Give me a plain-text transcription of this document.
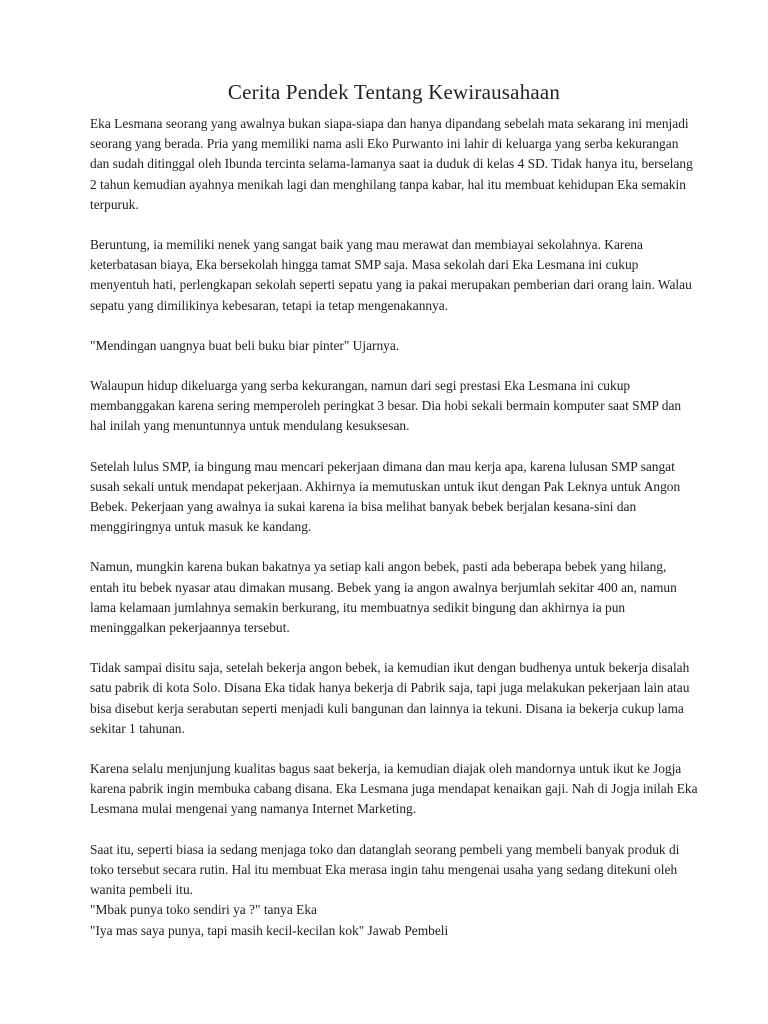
Cerita Pendek Tentang Kewirausahaan

Eka Lesmana seorang yang awalnya bukan siapa-siapa dan hanya dipandang sebelah mata sekarang ini menjadi seorang yang berada. Pria yang memiliki nama asli Eko Purwanto ini lahir di keluarga yang serba kekurangan dan sudah ditinggal oleh Ibunda tercinta selama-lamanya saat ia duduk di kelas 4 SD. Tidak hanya itu, berselang 2 tahun kemudian ayahnya menikah lagi dan menghilang tanpa kabar, hal itu membuat kehidupan Eka semakin terpuruk.

Beruntung, ia memiliki nenek yang sangat baik yang mau merawat dan membiayai sekolahnya. Karena keterbatasan biaya, Eka bersekolah hingga tamat SMP saja. Masa sekolah dari Eka Lesmana ini cukup menyentuh hati, perlengkapan sekolah seperti sepatu yang ia pakai merupakan pemberian dari orang lain. Walau sepatu yang dimilikinya kebesaran, tetapi ia tetap mengenakannya.

"Mendingan uangnya buat beli buku biar pinter" Ujarnya.

Walaupun hidup dikeluarga yang serba kekurangan, namun dari segi prestasi Eka Lesmana ini cukup membanggakan karena sering memperoleh peringkat 3 besar. Dia hobi sekali bermain komputer saat SMP dan hal inilah yang menuntunnya untuk mendulang kesuksesan.

Setelah lulus SMP, ia bingung mau mencari pekerjaan dimana dan mau kerja apa, karena lulusan SMP sangat susah sekali untuk mendapat pekerjaan. Akhirnya ia memutuskan untuk ikut dengan Pak Leknya untuk Angon Bebek. Pekerjaan yang awalnya ia sukai karena ia bisa melihat banyak bebek berjalan kesana-sini dan menggiringnya untuk masuk ke kandang.

Namun, mungkin karena bukan bakatnya ya setiap kali angon bebek, pasti ada beberapa bebek yang hilang, entah itu bebek nyasar atau dimakan musang. Bebek yang ia angon awalnya berjumlah sekitar 400 an, namun lama kelamaan jumlahnya semakin berkurang, itu membuatnya sedikit bingung dan akhirnya ia pun meninggalkan pekerjaannya tersebut.

Tidak sampai disitu saja, setelah bekerja angon bebek, ia kemudian ikut dengan budhenya untuk bekerja disalah satu pabrik di kota Solo. Disana Eka tidak hanya bekerja di Pabrik saja, tapi juga melakukan pekerjaan lain atau bisa disebut kerja serabutan seperti menjadi kuli bangunan dan lainnya ia tekuni. Disana ia bekerja cukup lama sekitar 1 tahunan.

Karena selalu menjunjung kualitas bagus saat bekerja, ia kemudian diajak oleh mandornya untuk ikut ke Jogja karena pabrik ingin membuka cabang disana. Eka Lesmana juga mendapat kenaikan gaji. Nah di Jogja inilah Eka Lesmana mulai mengenai yang namanya Internet Marketing.

Saat itu, seperti biasa ia sedang menjaga toko dan datanglah seorang pembeli yang membeli banyak produk di toko tersebut secara rutin. Hal itu membuat Eka merasa ingin tahu mengenai usaha yang sedang ditekuni oleh wanita pembeli itu.

"Mbak punya toko sendiri ya ?" tanya Eka

"Iya mas saya punya, tapi masih kecil-kecilan kok" Jawab Pembeli
